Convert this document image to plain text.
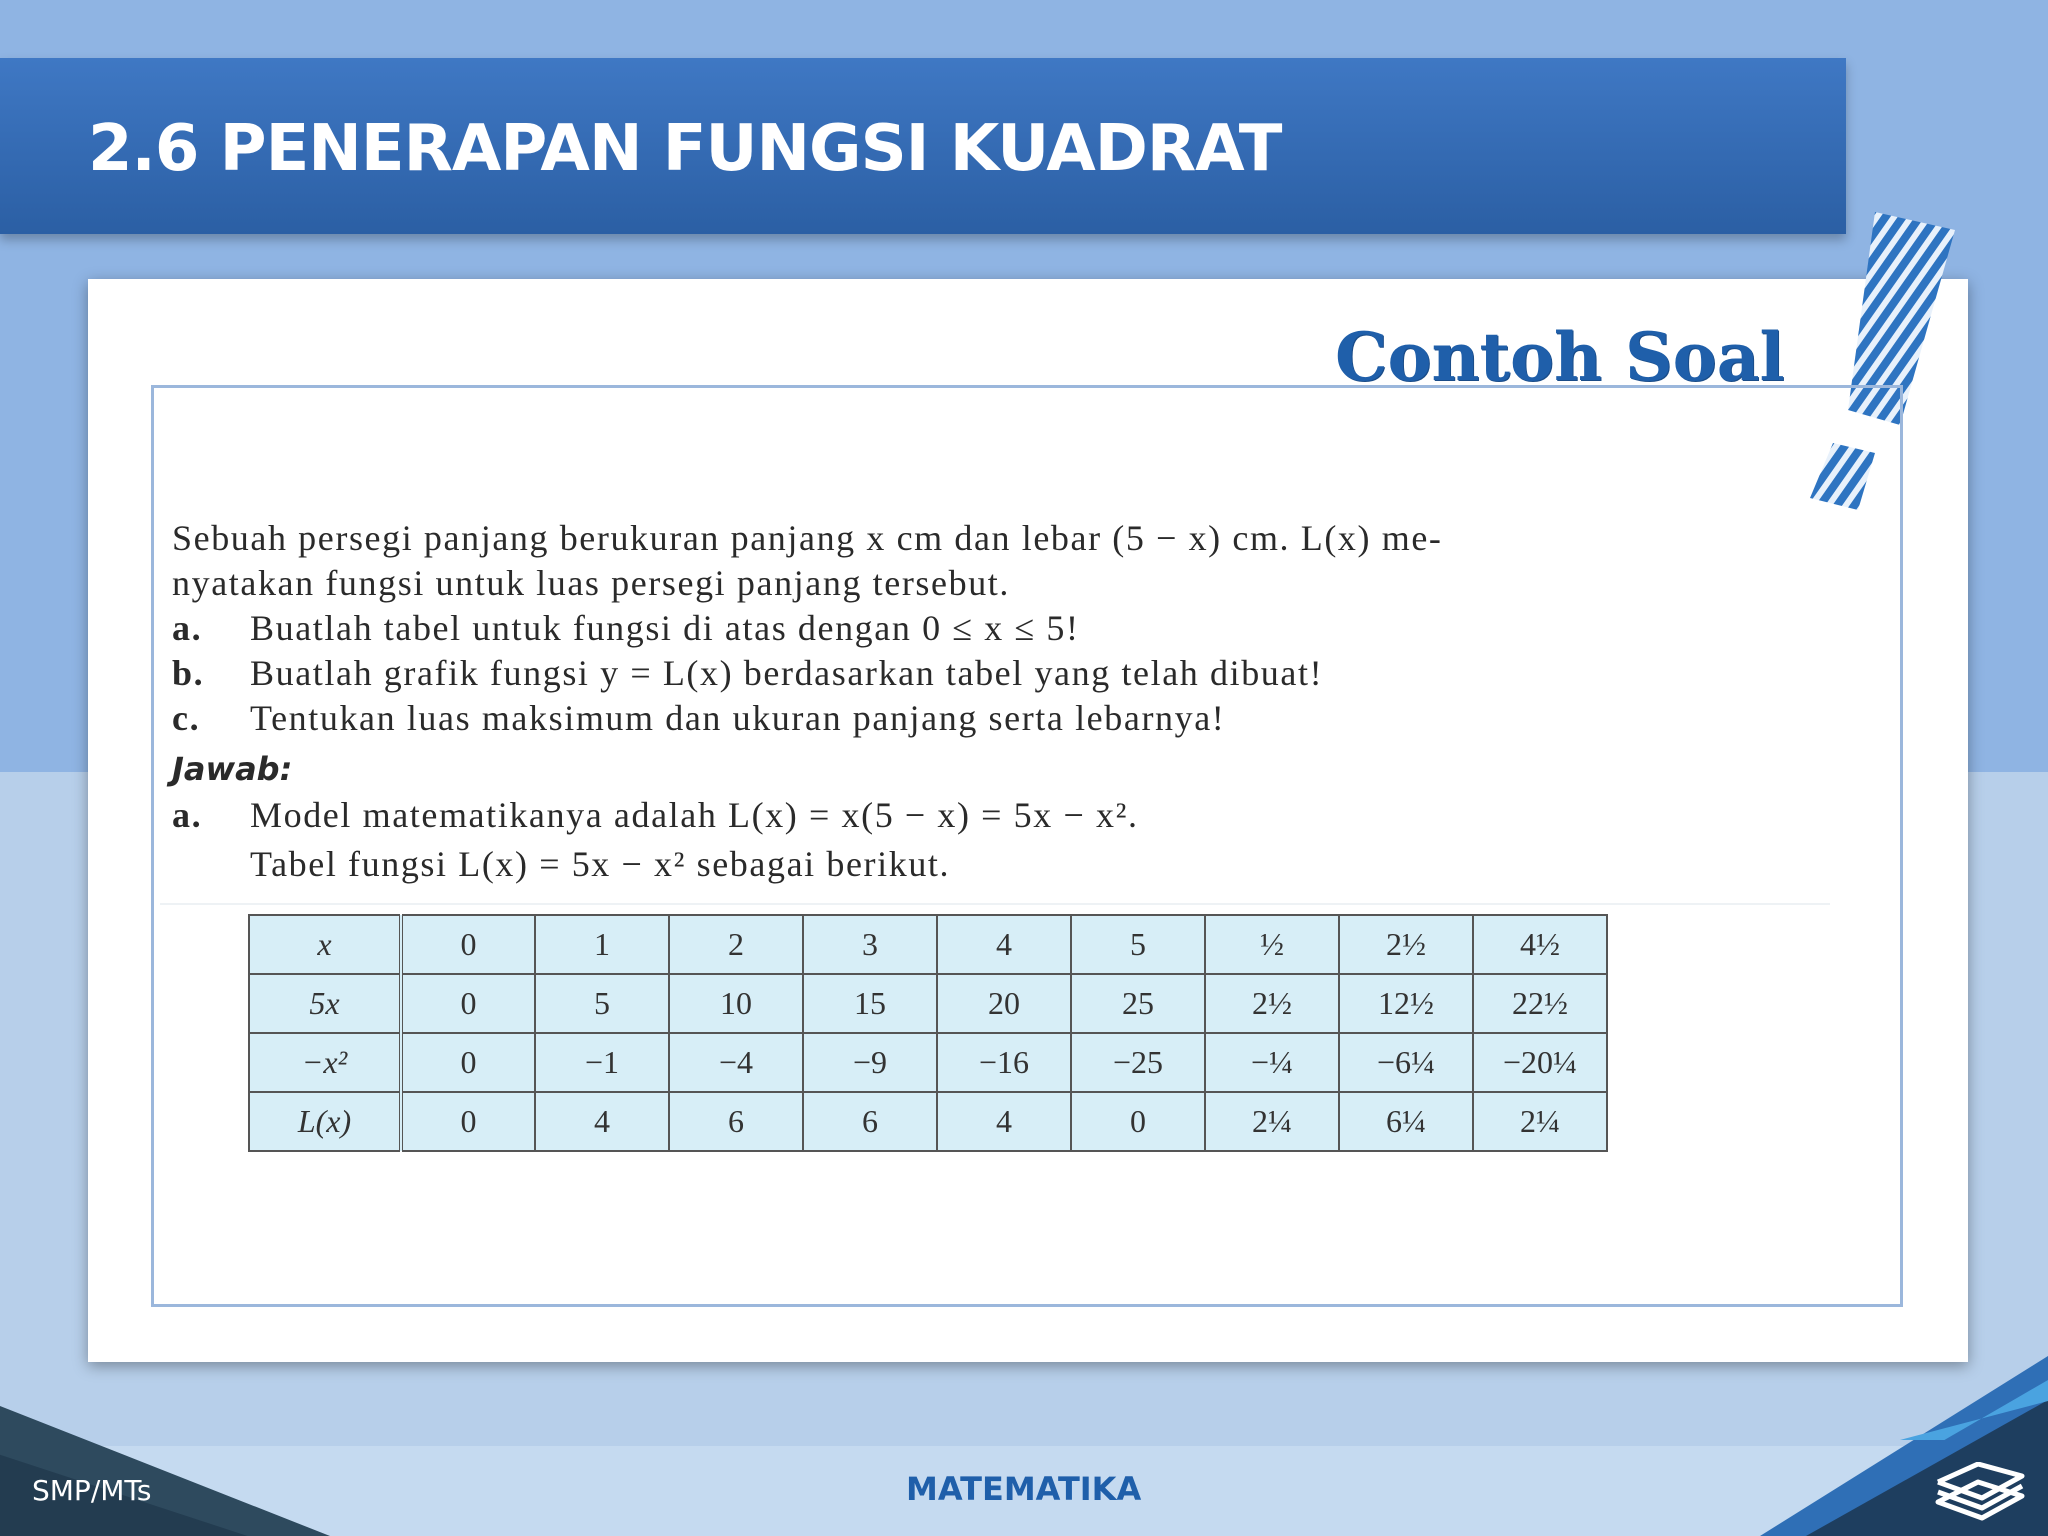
2.6 PENERAPAN FUNGSI KUADRAT
Contoh Soal
Sebuah persegi panjang berukuran panjang x cm dan lebar (5 − x) cm. L(x) me-
nyatakan fungsi untuk luas persegi panjang tersebut.
a.	Buatlah tabel untuk fungsi di atas dengan 0 ≤ x ≤ 5!
b.	Buatlah grafik fungsi y = L(x) berdasarkan tabel yang telah dibuat!
c.	Tentukan luas maksimum dan ukuran panjang serta lebarnya!
Jawab:
a.	Model matematikanya adalah L(x) = x(5 − x) = 5x − x².
Tabel fungsi L(x) = 5x − x² sebagai berikut.
x	0	1	2	3	4	5	½	2½	4½
5x	0	5	10	15	20	25	2½	12½	22½
−x²	0	−1	−4	−9	−16	−25	−¼	−6¼	−20¼
L(x)	0	4	6	6	4	0	2¼	6¼	2¼

SMP/MTs	MATEMATIKA
